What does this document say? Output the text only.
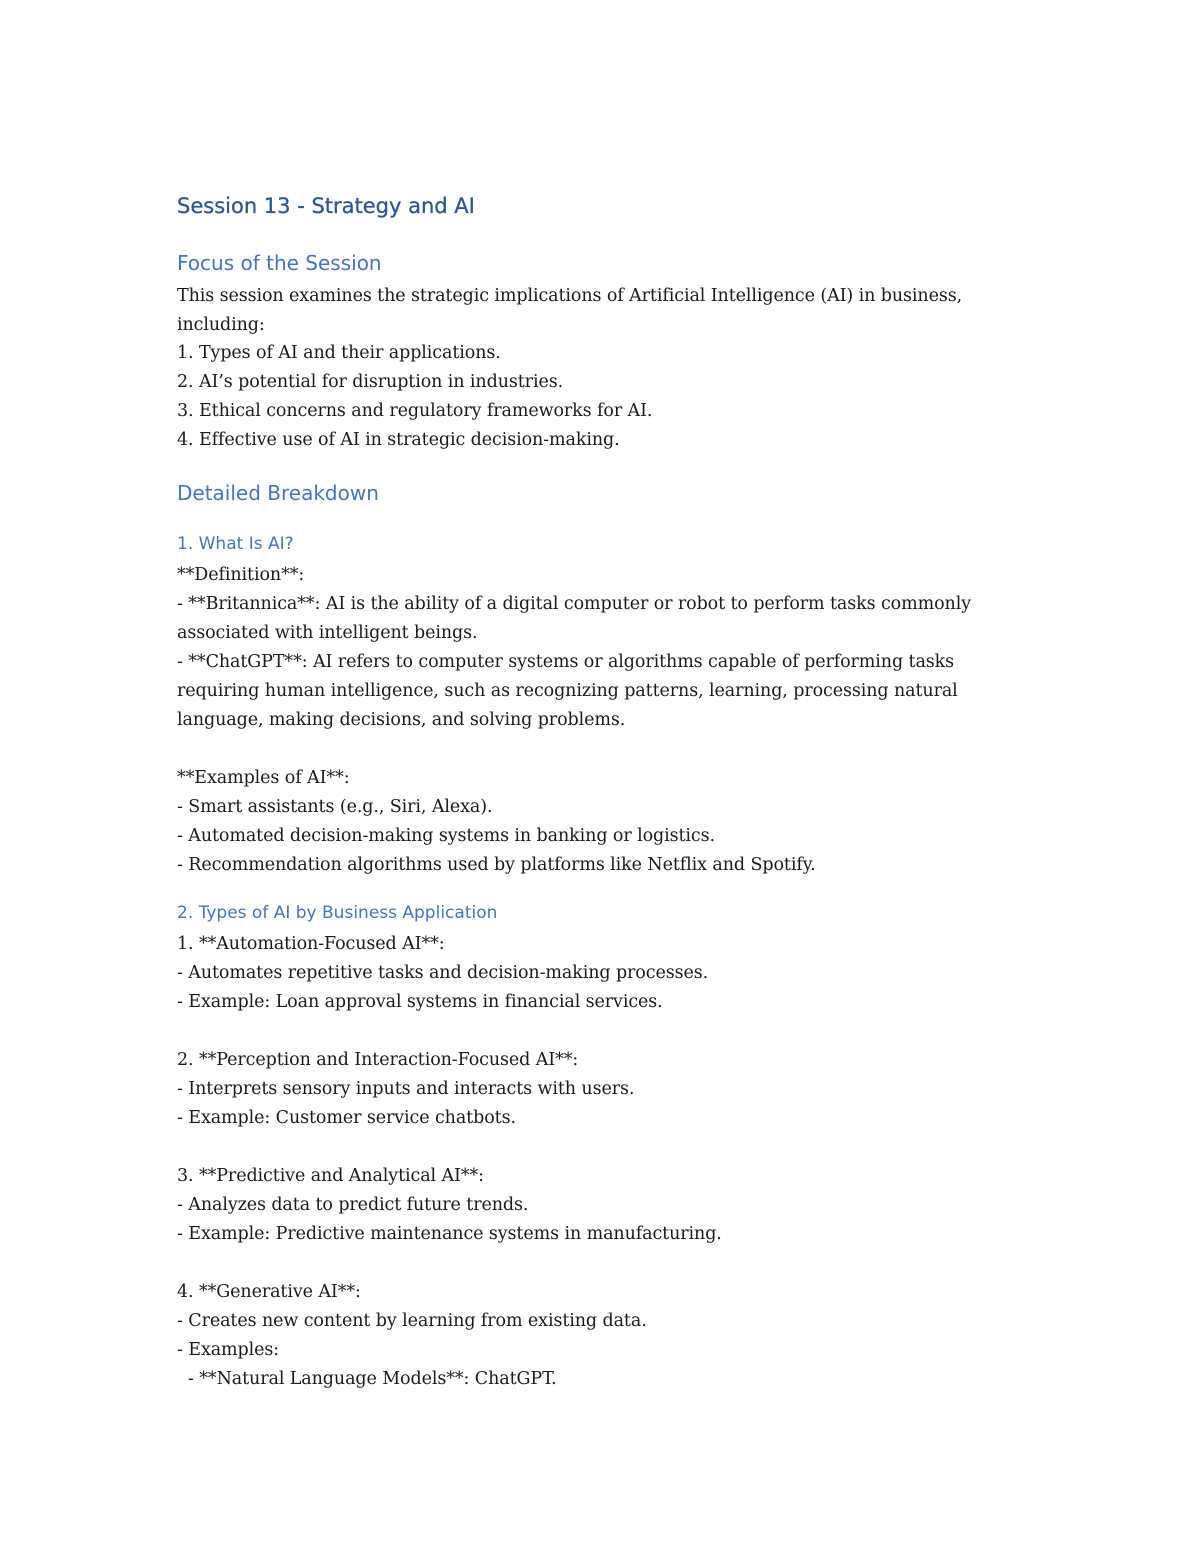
Session 13 - Strategy and AI
Focus of the Session
This session examines the strategic implications of Artificial Intelligence (AI) in business,
including:
1. Types of AI and their applications.
2. AI’s potential for disruption in industries.
3. Ethical concerns and regulatory frameworks for AI.
4. Effective use of AI in strategic decision-making.
Detailed Breakdown
1. What Is AI?
**Definition**:
- **Britannica**: AI is the ability of a digital computer or robot to perform tasks commonly
associated with intelligent beings.
- **ChatGPT**: AI refers to computer systems or algorithms capable of performing tasks
requiring human intelligence, such as recognizing patterns, learning, processing natural
language, making decisions, and solving problems.
**Examples of AI**:
- Smart assistants (e.g., Siri, Alexa).
- Automated decision-making systems in banking or logistics.
- Recommendation algorithms used by platforms like Netflix and Spotify.
2. Types of AI by Business Application
1. **Automation-Focused AI**:
- Automates repetitive tasks and decision-making processes.
- Example: Loan approval systems in financial services.
2. **Perception and Interaction-Focused AI**:
- Interprets sensory inputs and interacts with users.
- Example: Customer service chatbots.
3. **Predictive and Analytical AI**:
- Analyzes data to predict future trends.
- Example: Predictive maintenance systems in manufacturing.
4. **Generative AI**:
- Creates new content by learning from existing data.
- Examples:
- **Natural Language Models**: ChatGPT.
